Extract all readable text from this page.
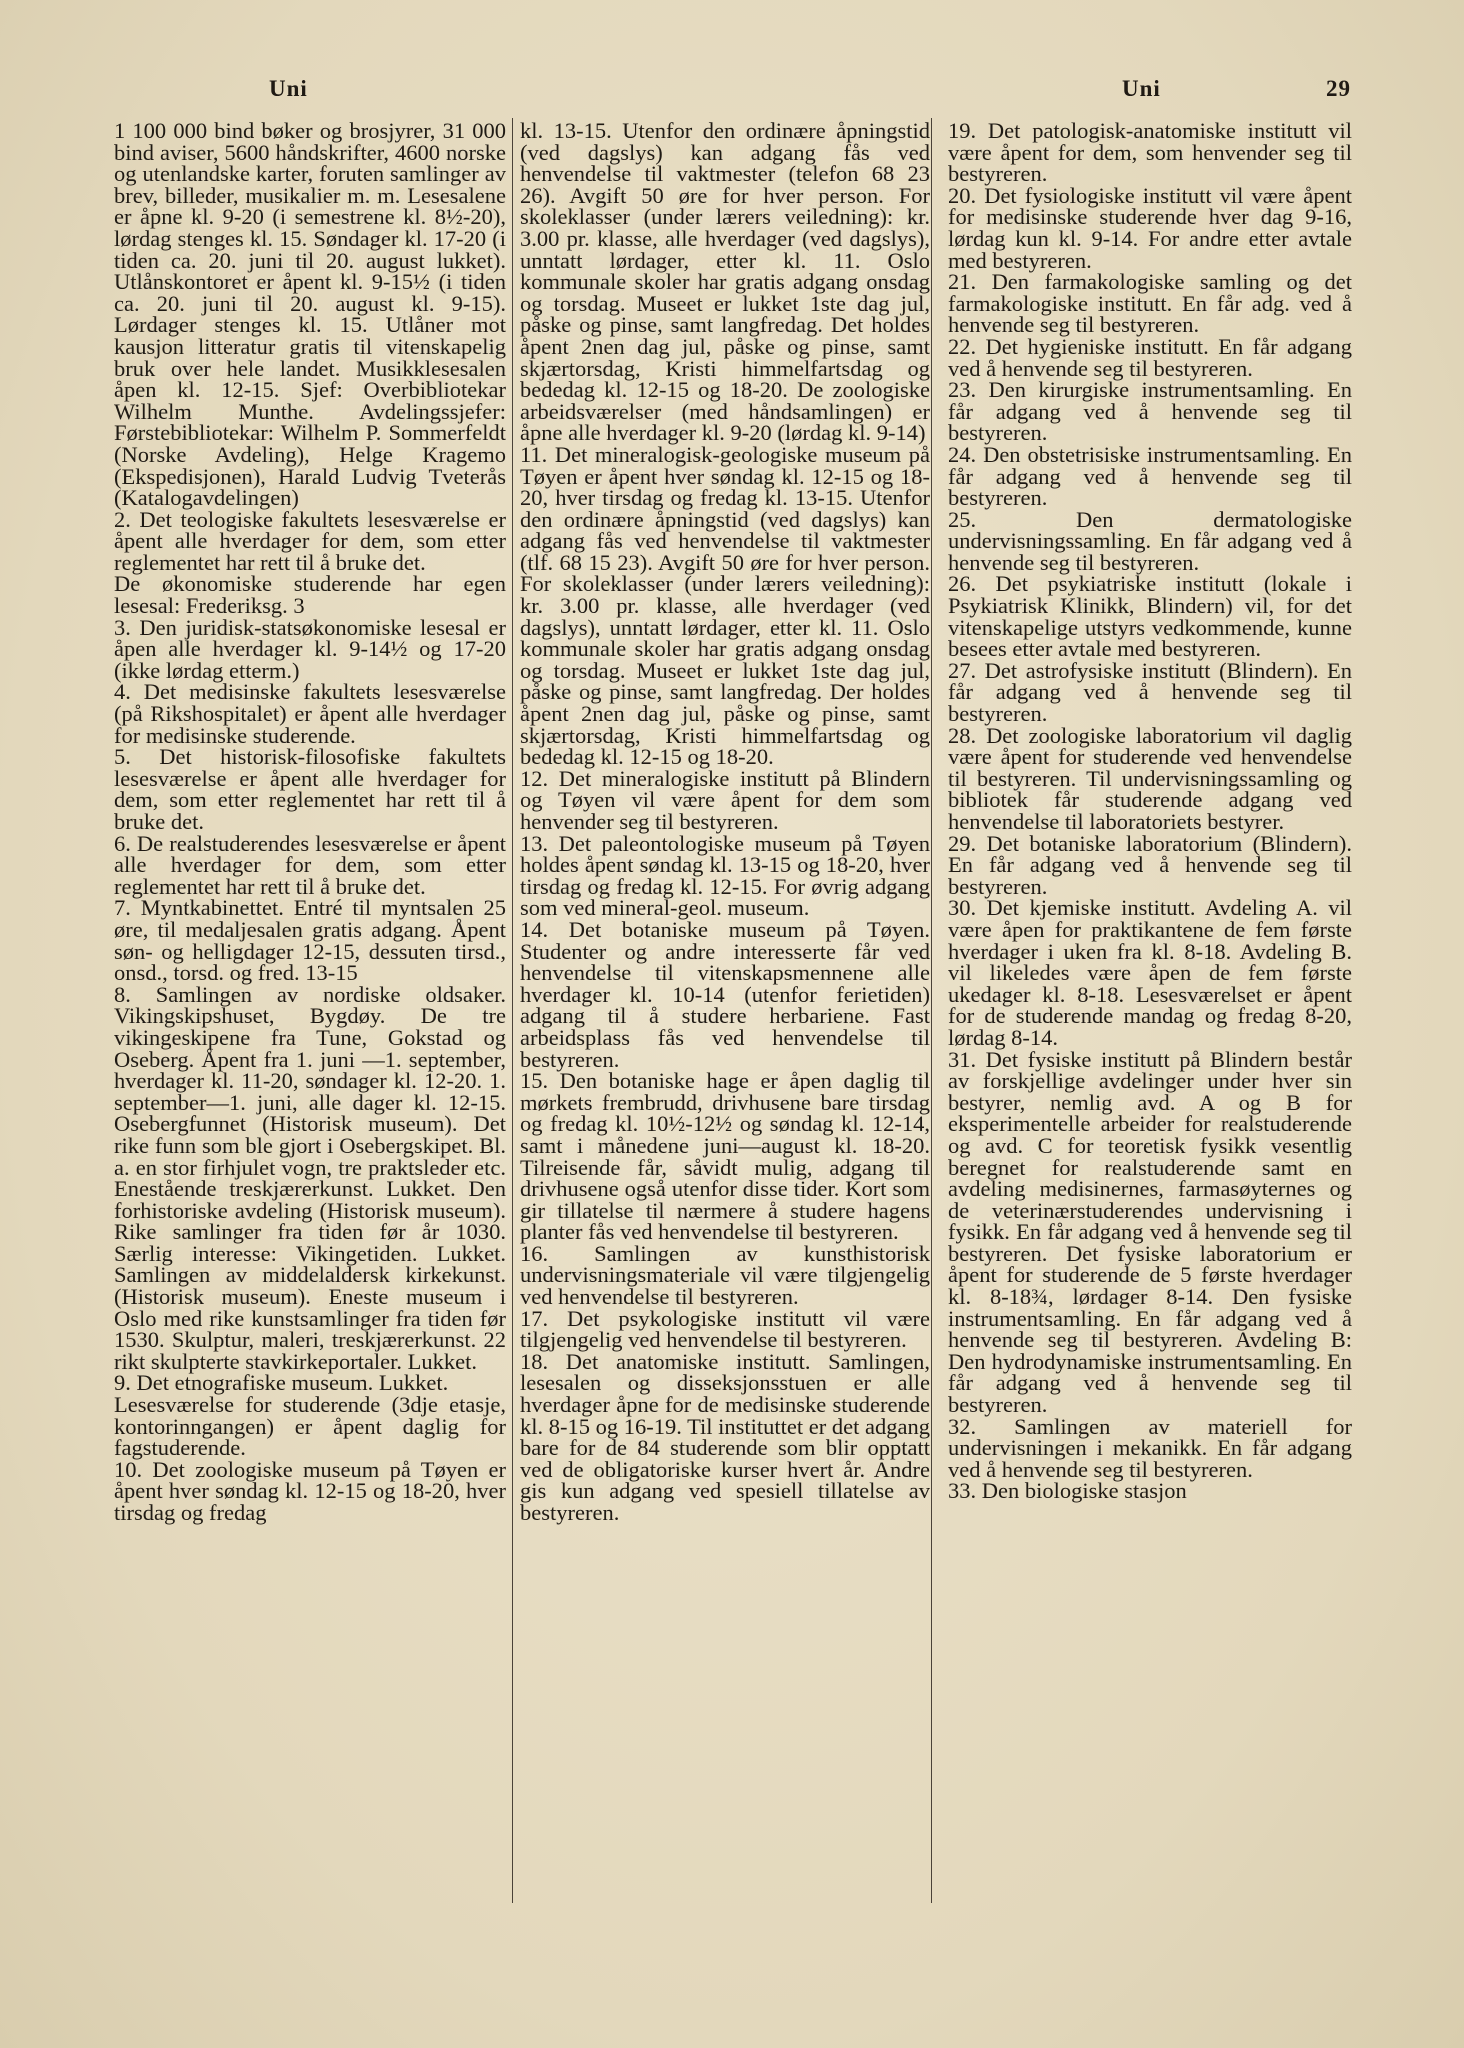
Uni	Uni	29

1 100 000 bind bøker og brosjyrer, 31 000 bind aviser, 5600 håndskrifter, 4600 norske og utenlandske karter, foruten samlinger av brev, billeder, musikalier m. m. Lesesalene er åpne kl. 9-20 (i semestrene kl. 8½-20), lørdag stenges kl. 15. Søndager kl. 17-20 (i tiden ca. 20. juni til 20. august lukket). Utlånskontoret er åpent kl. 9-15½ (i tiden ca. 20. juni til 20. august kl. 9-15). Lørdager stenges kl. 15. Utlåner mot kausjon litteratur gratis til vitenskapelig bruk over hele landet. Musikklesesalen åpen kl. 12-15. Sjef: Overbibliotekar Wilhelm Munthe. Avdelingssjefer: Førstebibliotekar: Wilhelm P. Sommerfeldt (Norske Avdeling), Helge Kragemo (Ekspedisjonen), Harald Ludvig Tveterås (Katalogavdelingen)

2. Det teologiske fakultets lesesværelse er åpent alle hverdager for dem, som etter reglementet har rett til å bruke det.

De økonomiske studerende har egen lesesal: Frederiksg. 3

3. Den juridisk-statsøkonomiske lesesal er åpen alle hverdager kl. 9-14½ og 17-20 (ikke lørdag etterm.)

4. Det medisinske fakultets lesesværelse (på Rikshospitalet) er åpent alle hverdager for medisinske studerende.

5. Det historisk-filosofiske fakultets lesesværelse er åpent alle hverdager for dem, som etter reglementet har rett til å bruke det.

6. De realstuderendes lesesværelse er åpent alle hverdager for dem, som etter reglementet har rett til å bruke det.

7. Myntkabinettet. Entré til myntsalen 25 øre, til medaljesalen gratis adgang. Åpent søn- og helligdager 12-15, dessuten tirsd., onsd., torsd. og fred. 13-15

8. Samlingen av nordiske oldsaker. Vikingskipshuset, Bygdøy. De tre vikingeskipene fra Tune, Gokstad og Oseberg. Åpent fra 1. juni —1. september, hverdager kl. 11-20, søndager kl. 12-20. 1. september—1. juni, alle dager kl. 12-15. Osebergfunnet (Historisk museum). Det rike funn som ble gjort i Osebergskipet. Bl. a. en stor firhjulet vogn, tre praktsleder etc. Enestående treskjærerkunst. Lukket. Den forhistoriske avdeling (Historisk museum). Rike samlinger fra tiden før år 1030. Særlig interesse: Vikingetiden. Lukket. Samlingen av middelaldersk kirkekunst. (Historisk museum). Eneste museum i Oslo med rike kunstsamlinger fra tiden før 1530. Skulptur, maleri, treskjærerkunst. 22 rikt skulpterte stavkirkeportaler. Lukket.

9. Det etnografiske museum. Lukket.

Lesesværelse for studerende (3dje etasje, kontorinngangen) er åpent daglig for fagstuderende.

10. Det zoologiske museum på Tøyen er åpent hver søndag kl. 12-15 og 18-20, hver tirsdag og fredag

kl. 13-15. Utenfor den ordinære åpningstid (ved dagslys) kan adgang fås ved henvendelse til vaktmester (telefon 68 23 26). Avgift 50 øre for hver person. For skoleklasser (under lærers veiledning): kr. 3.00 pr. klasse, alle hverdager (ved dagslys), unntatt lørdager, etter kl. 11. Oslo kommunale skoler har gratis adgang onsdag og torsdag. Museet er lukket 1ste dag jul, påske og pinse, samt langfredag. Det holdes åpent 2nen dag jul, påske og pinse, samt skjærtorsdag, Kristi himmelfartsdag og bededag kl. 12-15 og 18-20. De zoologiske arbeidsværelser (med håndsamlingen) er åpne alle hverdager kl. 9-20 (lørdag kl. 9-14)

11. Det mineralogisk-geologiske museum på Tøyen er åpent hver søndag kl. 12-15 og 18-20, hver tirsdag og fredag kl. 13-15. Utenfor den ordinære åpningstid (ved dagslys) kan adgang fås ved henvendelse til vaktmester (tlf. 68 15 23). Avgift 50 øre for hver person. For skoleklasser (under lærers veiledning): kr. 3.00 pr. klasse, alle hverdager (ved dagslys), unntatt lørdager, etter kl. 11. Oslo kommunale skoler har gratis adgang onsdag og torsdag. Museet er lukket 1ste dag jul, påske og pinse, samt langfredag. Der holdes åpent 2nen dag jul, påske og pinse, samt skjærtorsdag, Kristi himmelfartsdag og bededag kl. 12-15 og 18-20.

12. Det mineralogiske institutt på Blindern og Tøyen vil være åpent for dem som henvender seg til bestyreren.

13. Det paleontologiske museum på Tøyen holdes åpent søndag kl. 13-15 og 18-20, hver tirsdag og fredag kl. 12-15. For øvrig adgang som ved mineral-geol. museum.

14. Det botaniske museum på Tøyen. Studenter og andre interesserte får ved henvendelse til vitenskapsmennene alle hverdager kl. 10-14 (utenfor ferietiden) adgang til å studere herbariene. Fast arbeidsplass fås ved henvendelse til bestyreren.

15. Den botaniske hage er åpen daglig til mørkets frembrudd, drivhusene bare tirsdag og fredag kl. 10½-12½ og søndag kl. 12-14, samt i månedene juni—august kl. 18-20. Tilreisende får, såvidt mulig, adgang til drivhusene også utenfor disse tider. Kort som gir tillatelse til nærmere å studere hagens planter fås ved henvendelse til bestyreren.

16. Samlingen av kunsthistorisk undervisningsmateriale vil være tilgjengelig ved henvendelse til bestyreren.

17. Det psykologiske institutt vil være tilgjengelig ved henvendelse til bestyreren.

18. Det anatomiske institutt. Samlingen, lesesalen og disseksjonsstuen er alle hverdager åpne for de medisinske studerende kl. 8-15 og 16-19. Til instituttet er det adgang bare for de 84 studerende som blir opptatt ved de obligatoriske kurser hvert år. Andre gis kun adgang ved spesiell tillatelse av bestyreren.

19. Det patologisk-anatomiske institutt vil være åpent for dem, som henvender seg til bestyreren.

20. Det fysiologiske institutt vil være åpent for medisinske studerende hver dag 9-16, lørdag kun kl. 9-14. For andre etter avtale med bestyreren.

21. Den farmakologiske samling og det farmakologiske institutt. En får adg. ved å henvende seg til bestyreren.

22. Det hygieniske institutt. En får adgang ved å henvende seg til bestyreren.

23. Den kirurgiske instrumentsamling. En får adgang ved å henvende seg til bestyreren.

24. Den obstetrisiske instrumentsamling. En får adgang ved å henvende seg til bestyreren.

25. Den dermatologiske undervisningssamling. En får adgang ved å henvende seg til bestyreren.

26. Det psykiatriske institutt (lokale i Psykiatrisk Klinikk, Blindern) vil, for det vitenskapelige utstyrs vedkommende, kunne besees etter avtale med bestyreren.

27. Det astrofysiske institutt (Blindern). En får adgang ved å henvende seg til bestyreren.

28. Det zoologiske laboratorium vil daglig være åpent for studerende ved henvendelse til bestyreren. Til undervisningssamling og bibliotek får studerende adgang ved henvendelse til laboratoriets bestyrer.

29. Det botaniske laboratorium (Blindern). En får adgang ved å henvende seg til bestyreren.

30. Det kjemiske institutt. Avdeling A. vil være åpen for praktikantene de fem første hverdager i uken fra kl. 8-18. Avdeling B. vil likeledes være åpen de fem første ukedager kl. 8-18. Lesesværelset er åpent for de studerende mandag og fredag 8-20, lørdag 8-14.

31. Det fysiske institutt på Blindern består av forskjellige avdelinger under hver sin bestyrer, nemlig avd. A og B for eksperimentelle arbeider for realstuderende og avd. C for teoretisk fysikk vesentlig beregnet for realstuderende samt en avdeling medisinernes, farmasøyternes og de veterinærstuderendes undervisning i fysikk. En får adgang ved å henvende seg til bestyreren. Det fysiske laboratorium er åpent for studerende de 5 første hverdager kl. 8-18¾, lørdager 8-14. Den fysiske instrumentsamling. En får adgang ved å henvende seg til bestyreren. Avdeling B: Den hydrodynamiske instrumentsamling. En får adgang ved å henvende seg til bestyreren.

32. Samlingen av materiell for undervisningen i mekanikk. En får adgang ved å henvende seg til bestyreren.

33. Den biologiske stasjon
